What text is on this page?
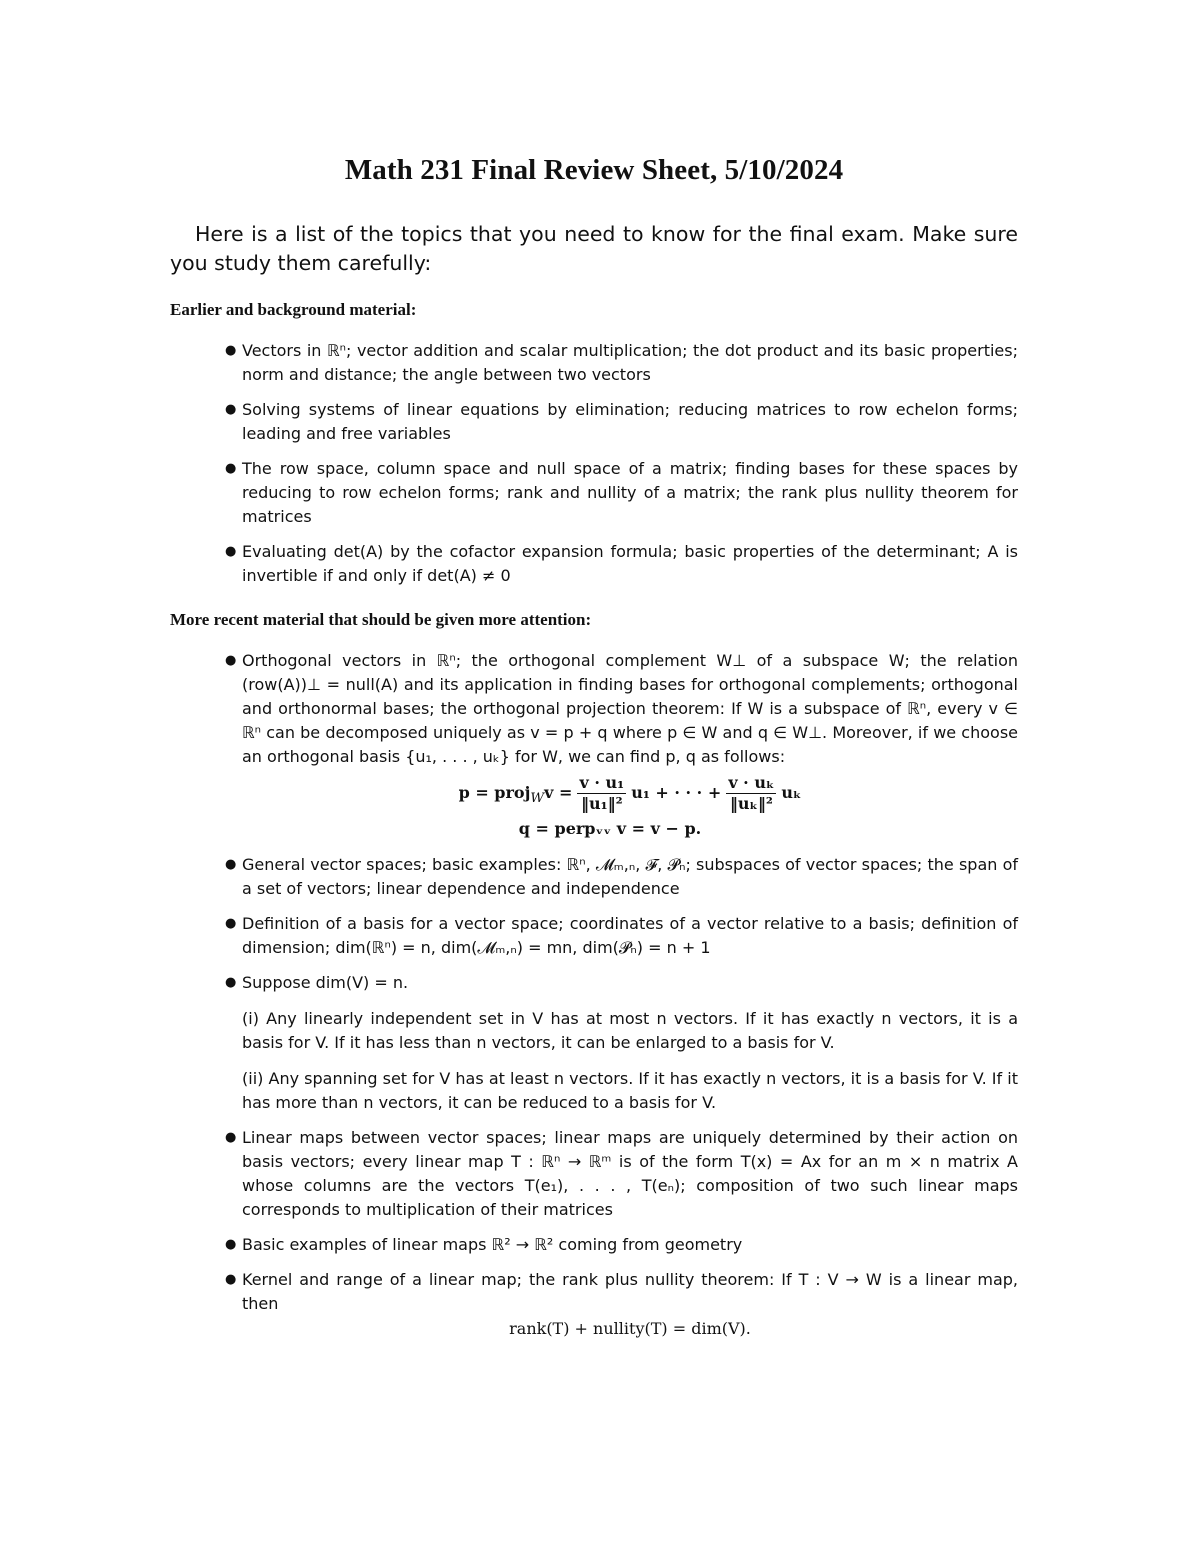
Math 231 Final Review Sheet, 5/10/2024

Here is a list of the topics that you need to know for the final exam. Make sure you study them carefully:

Earlier and background material:
● Vectors in ℝⁿ; vector addition and scalar multiplication; the dot product and its basic properties; norm and distance; the angle between two vectors
● Solving systems of linear equations by elimination; reducing matrices to row echelon forms; leading and free variables
● The row space, column space and null space of a matrix; finding bases for these spaces by reducing to row echelon forms; rank and nullity of a matrix; the rank plus nullity theorem for matrices
● Evaluating det(A) by the cofactor expansion formula; basic properties of the determinant; A is invertible if and only if det(A) ≠ 0
More recent material that should be given more attention:
● Orthogonal vectors in ℝⁿ; the orthogonal complement W⊥ of a subspace W; the relation (row(A))⊥ = null(A) and its application in finding bases for orthogonal complements; orthogonal and orthonormal bases; the orthogonal projection theorem: If W is a subspace of ℝⁿ, every v ∈ ℝⁿ can be decomposed uniquely as v = p + q where p ∈ W and q ∈ W⊥. Moreover, if we choose an orthogonal basis {u₁, . . . , uₖ} for W, we can find p, q as follows:
p = proj$_W$v = $\frac{\text{v · u₁}}{\text{‖u₁‖²}} u_1$ + · · · + $\frac{\text{v · uₖ}}{\text{‖uₖ‖²}}$ uₖ
q = perpᵥᵥ v = v − p.
● General vector spaces; basic examples: ℝⁿ, 𝓜ₘ,ₙ, 𝓕, 𝓟ₙ; subspaces of vector spaces; the span of a set of vectors; linear dependence and independence
● Definition of a basis for a vector space; coordinates of a vector relative to a basis; definition of dimension; dim(ℝⁿ) = n, dim(𝓜ₘ,ₙ) = mn, dim(𝓟ₙ) = n + 1
● Suppose dim(V) = n.

(i) Any linearly independent set in V has at most n vectors. If it has exactly n vectors, it is a basis for V. If it has less than n vectors, it can be enlarged to a basis for V.

(ii) Any spanning set for V has at least n vectors. If it has exactly n vectors, it is a basis for V. If it has more than n vectors, it can be reduced to a basis for V.

● Linear maps between vector spaces; linear maps are uniquely determined by their action on basis vectors; every linear map T : ℝⁿ → ℝᵐ is of the form T(x) = Ax for an m × n matrix A whose columns are the vectors T(e₁), . . . , T(eₙ); composition of two such linear maps corresponds to multiplication of their matrices
● Basic examples of linear maps ℝ² → ℝ² coming from geometry
● Kernel and range of a linear map; the rank plus nullity theorem: If T : V → W is a linear map, then
rank(T) + nullity(T) = dim(V).
